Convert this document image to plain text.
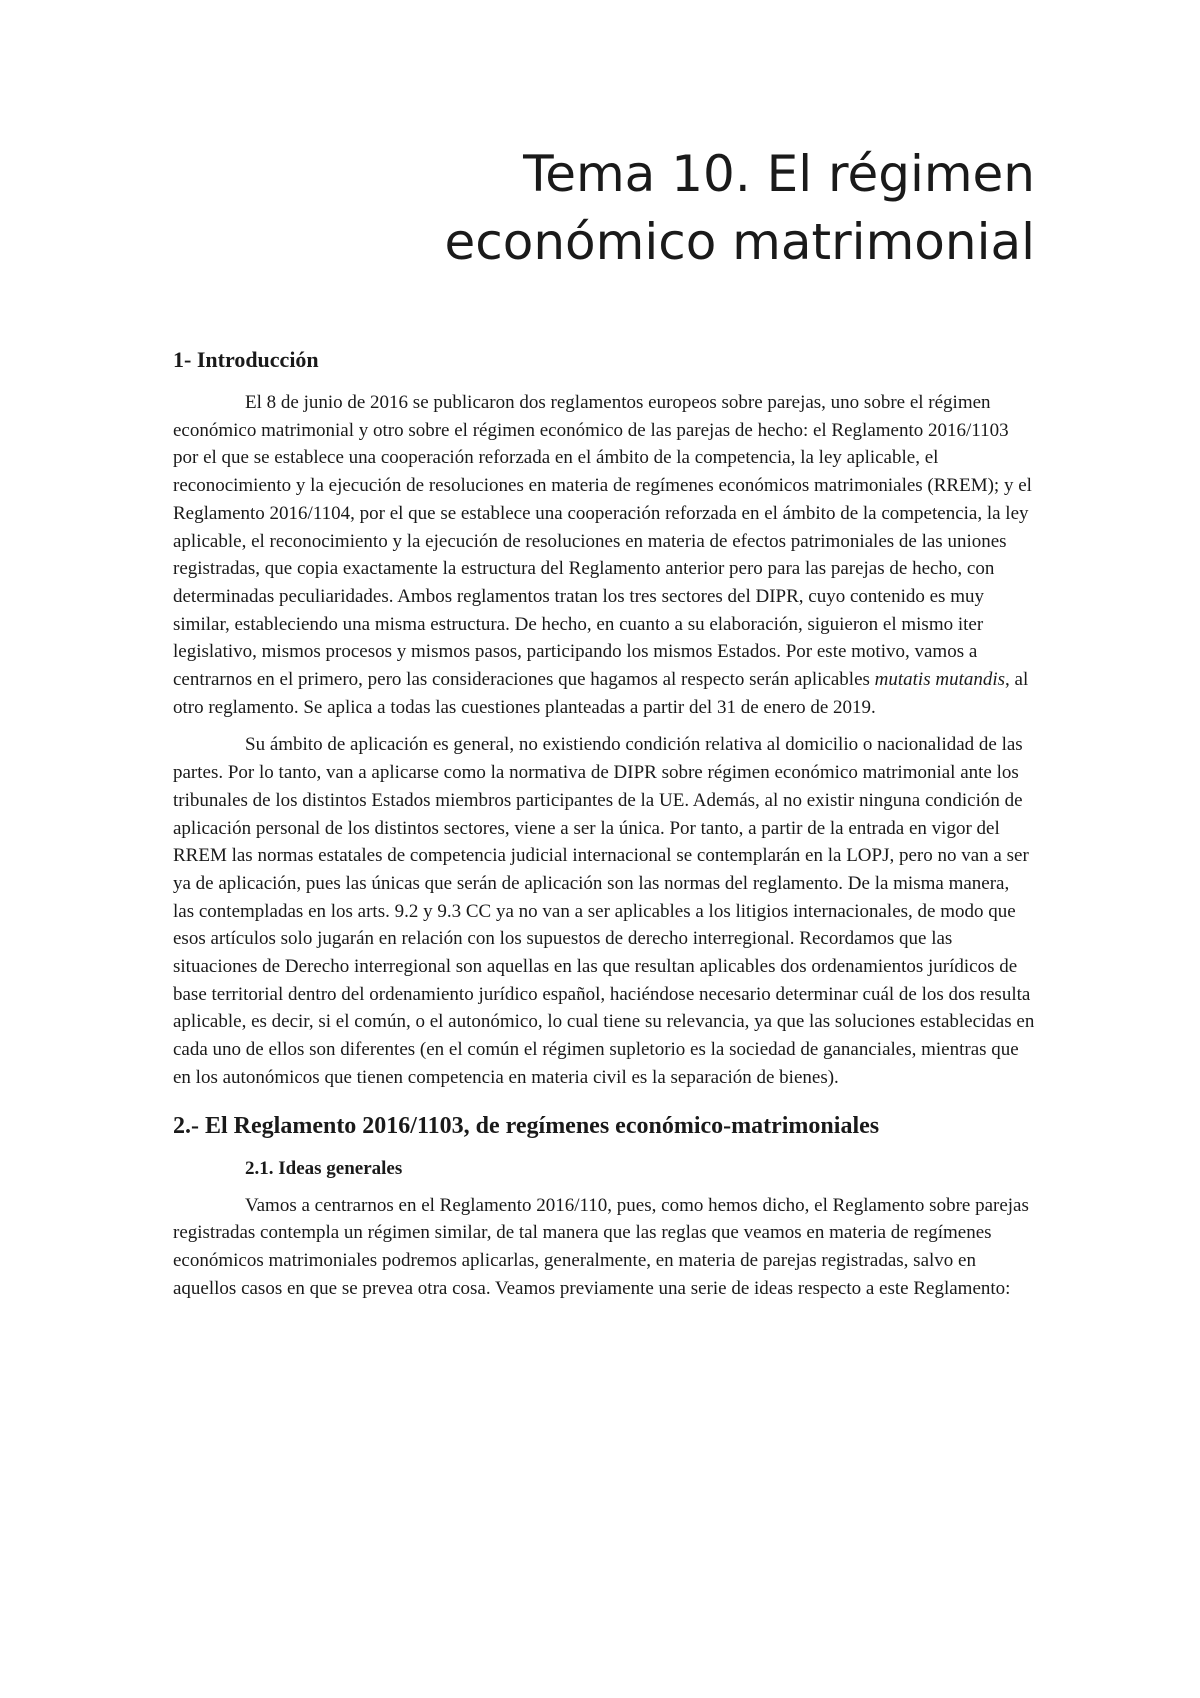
Tema 10. El régimen
económico matrimonial
1- Introducción

El 8 de junio de 2016 se publicaron dos reglamentos europeos sobre parejas, uno sobre el régimen económico matrimonial y otro sobre el régimen económico de las parejas de hecho: el Reglamento 2016/1103 por el que se establece una cooperación reforzada en el ámbito de la competencia, la ley aplicable, el reconocimiento y la ejecución de resoluciones en materia de regímenes económicos matrimoniales (RREM); y el Reglamento 2016/1104, por el que se establece una cooperación reforzada en el ámbito de la competencia, la ley aplicable, el reconocimiento y la ejecución de resoluciones en materia de efectos patrimoniales de las uniones registradas, que copia exactamente la estructura del Reglamento anterior pero para las parejas de hecho, con determinadas peculiaridades. Ambos reglamentos tratan los tres sectores del DIPR, cuyo contenido es muy similar, estableciendo una misma estructura. De hecho, en cuanto a su elaboración, siguieron el mismo iter legislativo, mismos procesos y mismos pasos, participando los mismos Estados. Por este motivo, vamos a centrarnos en el primero, pero las consideraciones que hagamos al respecto serán aplicables mutatis mutandis, al otro reglamento. Se aplica a todas las cuestiones planteadas a partir del 31 de enero de 2019.

Su ámbito de aplicación es general, no existiendo condición relativa al domicilio o nacionalidad de las partes. Por lo tanto, van a aplicarse como la normativa de DIPR sobre régimen económico matrimonial ante los tribunales de los distintos Estados miembros participantes de la UE. Además, al no existir ninguna condición de aplicación personal de los distintos sectores, viene a ser la única. Por tanto, a partir de la entrada en vigor del RREM las normas estatales de competencia judicial internacional se contemplarán en la LOPJ, pero no van a ser ya de aplicación, pues las únicas que serán de aplicación son las normas del reglamento. De la misma manera, las contempladas en los arts. 9.2 y 9.3 CC ya no van a ser aplicables a los litigios internacionales, de modo que esos artículos solo jugarán en relación con los supuestos de derecho interregional. Recordamos que las situaciones de Derecho interregional son aquellas en las que resultan aplicables dos ordenamientos jurídicos de base territorial dentro del ordenamiento jurídico español, haciéndose necesario determinar cuál de los dos resulta aplicable, es decir, si el común, o el autonómico, lo cual tiene su relevancia, ya que las soluciones establecidas en cada uno de ellos son diferentes (en el común el régimen supletorio es la sociedad de gananciales, mientras que en los autonómicos que tienen competencia en materia civil es la separación de bienes).

2.- El Reglamento 2016/1103, de regímenes económico-matrimoniales
2.1. Ideas generales

Vamos a centrarnos en el Reglamento 2016/110, pues, como hemos dicho, el Reglamento sobre parejas registradas contempla un régimen similar, de tal manera que las reglas que veamos en materia de regímenes económicos matrimoniales podremos aplicarlas, generalmente, en materia de parejas registradas, salvo en aquellos casos en que se prevea otra cosa. Veamos previamente una serie de ideas respecto a este Reglamento:
